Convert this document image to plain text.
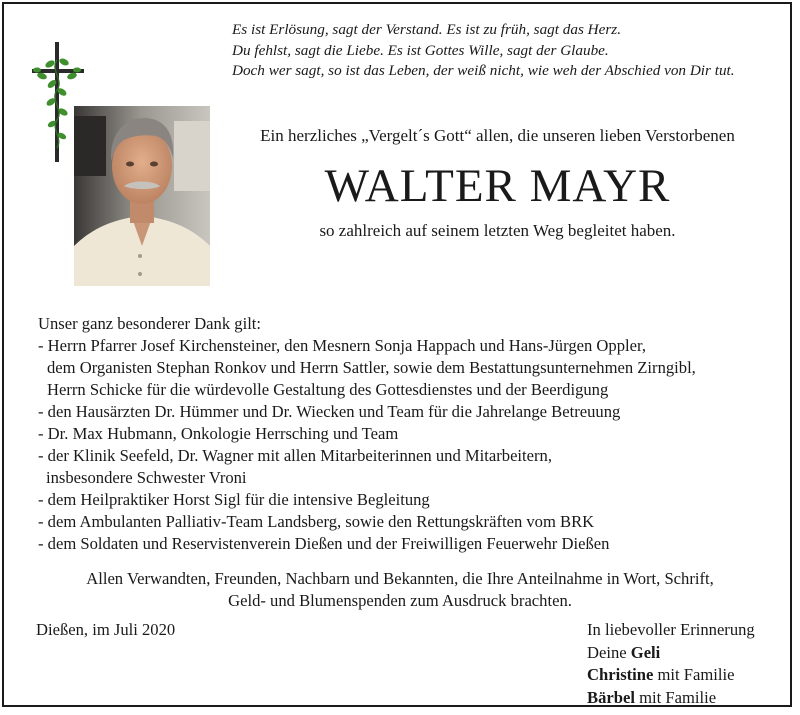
Es ist Erlösung, sagt der Verstand. Es ist zu früh, sagt das Herz.
Du fehlst, sagt die Liebe. Es ist Gottes Wille, sagt der Glaube.
Doch wer sagt, so ist das Leben, der weiß nicht, wie weh der Abschied von Dir tut.
Ein herzliches „Vergelt´s Gott“ allen, die unseren lieben Verstorbenen
WALTER MAYR
so zahlreich auf seinem letzten Weg begleitet haben.
Unser ganz besonderer Dank gilt:
- Herrn Pfarrer Josef Kirchensteiner, den Mesnern Sonja Happach und Hans-Jürgen Oppler,
dem Organisten Stephan Ronkov und Herrn Sattler, sowie dem Bestattungsunternehmen Zirngibl,
Herrn Schicke für die würdevolle Gestaltung des Gottesdienstes und der Beerdigung
- den Hausärzten Dr. Hümmer und Dr. Wiecken und Team für die Jahrelange Betreuung
- Dr. Max Hubmann, Onkologie Herrsching und Team
- der Klinik Seefeld, Dr. Wagner mit allen Mitarbeiterinnen und Mitarbeitern,
insbesondere Schwester Vroni
- dem Heilpraktiker Horst Sigl für die intensive Begleitung
- dem Ambulanten Palliativ-Team Landsberg, sowie den Rettungskräften vom BRK
- dem Soldaten und Reservistenverein Dießen und der Freiwilligen Feuerwehr Dießen
Allen Verwandten, Freunden, Nachbarn und Bekannten, die Ihre Anteilnahme in Wort, Schrift,
Geld- und Blumenspenden zum Ausdruck brachten.
Dießen, im Juli 2020	In liebevoller Erinnerung
Deine Geli
Christine mit Familie
Bärbel mit Familie
